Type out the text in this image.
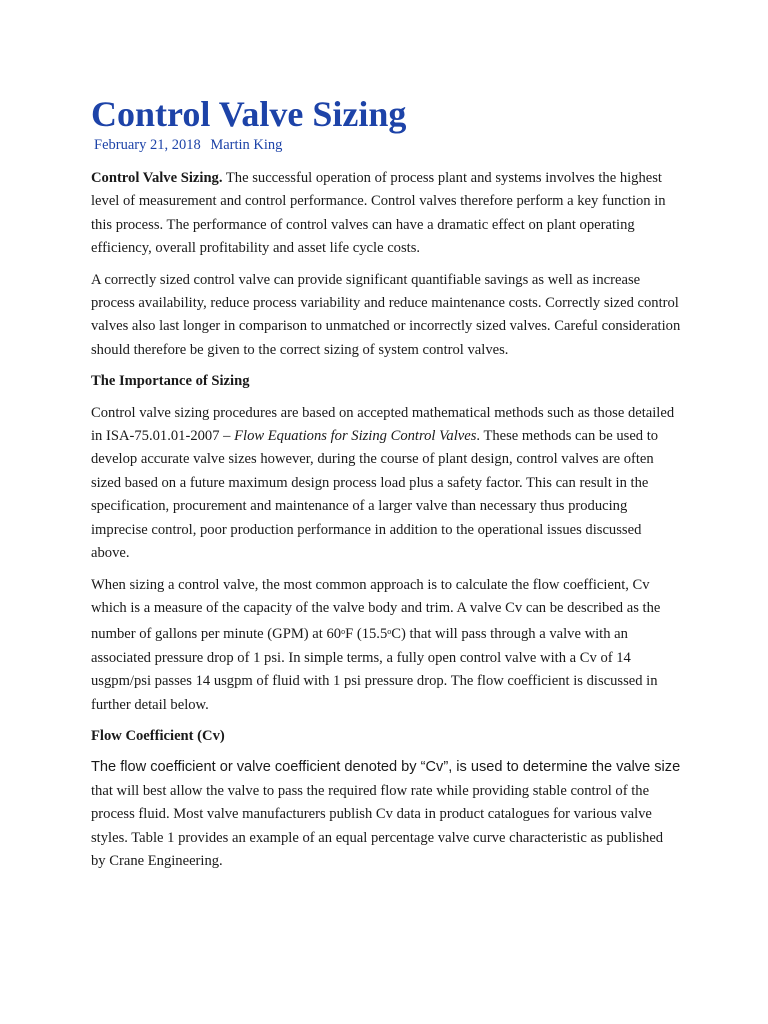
Control Valve Sizing
February 21, 2018 Martin King

Control Valve Sizing. The successful operation of process plant and systems involves the highest level of measurement and control performance. Control valves therefore perform a key function in this process. The performance of control valves can have a dramatic effect on plant operating efficiency, overall profitability and asset life cycle costs.

A correctly sized control valve can provide significant quantifiable savings as well as increase process availability, reduce process variability and reduce maintenance costs. Correctly sized control valves also last longer in comparison to unmatched or incorrectly sized valves. Careful consideration should therefore be given to the correct sizing of system control valves.

The Importance of Sizing

Control valve sizing procedures are based on accepted mathematical methods such as those detailed in ISA-75.01.01-2007 – Flow Equations for Sizing Control Valves. These methods can be used to develop accurate valve sizes however, during the course of plant design, control valves are often sized based on a future maximum design process load plus a safety factor. This can result in the specification, procurement and maintenance of a larger valve than necessary thus producing imprecise control, poor production performance in addition to the operational issues discussed above.

When sizing a control valve, the most common approach is to calculate the flow coefficient, Cv which is a measure of the capacity of the valve body and trim. A valve Cv can be described as the number of gallons per minute (GPM) at 60$^o$F (15.5$^o$C) that will pass through a valve with an associated pressure drop of 1 psi. In simple terms, a fully open control valve with a Cv of 14 usgpm/psi passes 14 usgpm of fluid with 1 psi pressure drop. The flow coefficient is discussed in further detail below.

Flow Coefficient (Cv)

The flow coefficient or valve coefficient denoted by “Cv”, is used to determine the valve size that will best allow the valve to pass the required flow rate while providing stable control of the process fluid. Most valve manufacturers publish Cv data in product catalogues for various valve styles. Table 1 provides an example of an equal percentage valve curve characteristic as published by Crane Engineering.
